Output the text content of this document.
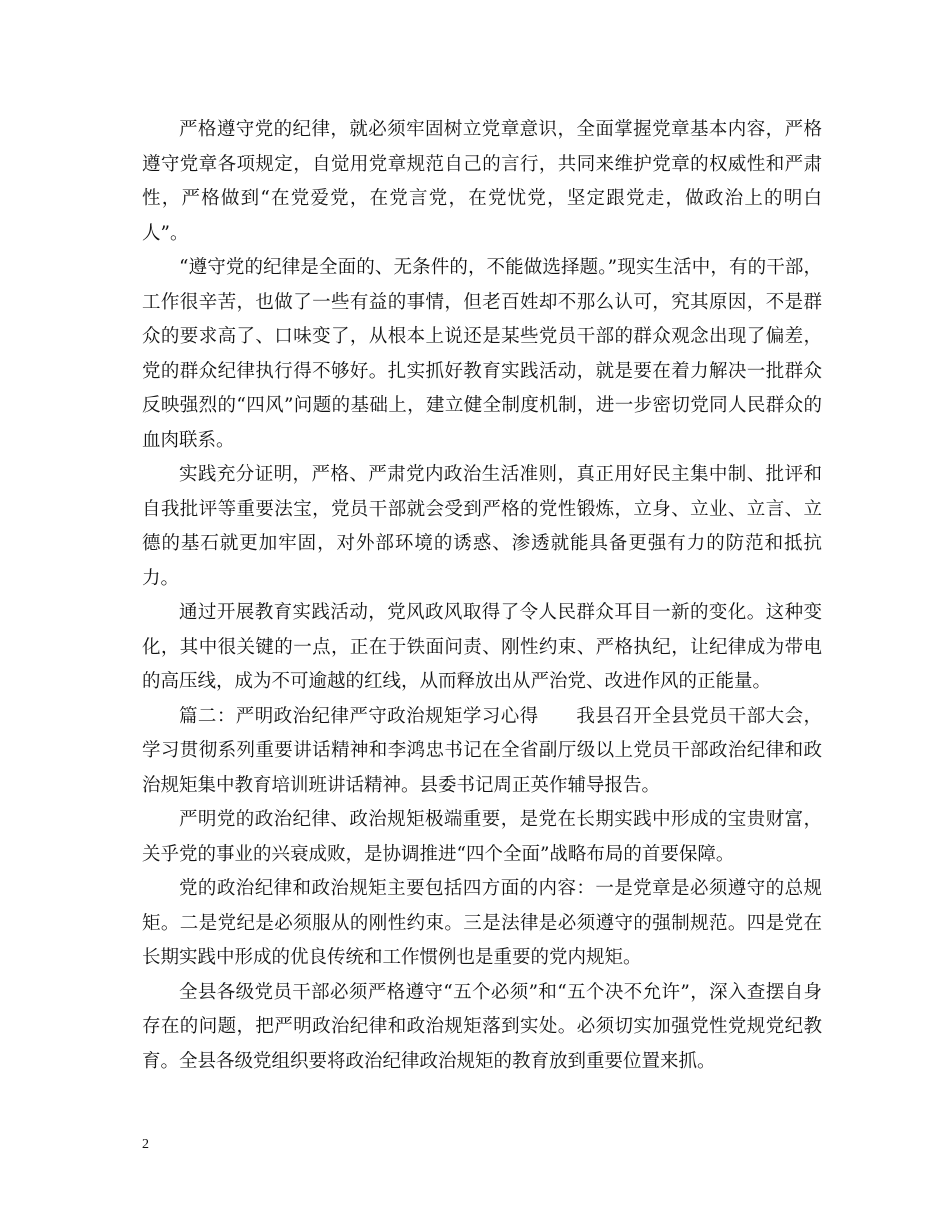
严格遵守党的纪律，就必须牢固树立党章意识，全面掌握党章基本内容，严格遵守党章各项规定，自觉用党章规范自己的言行，共同来维护党章的权威性和严肃性，严格做到“在党爱党，在党言党，在党忧党，坚定跟党走，做政治上的明白人”。

“遵守党的纪律是全面的、无条件的，不能做选择题。”现实生活中，有的干部，工作很辛苦，也做了一些有益的事情，但老百姓却不那么认可，究其原因，不是群众的要求高了、口味变了，从根本上说还是某些党员干部的群众观念出现了偏差，党的群众纪律执行得不够好。扎实抓好教育实践活动，就是要在着力解决一批群众反映强烈的“四风”问题的基础上，建立健全制度机制，进一步密切党同人民群众的血肉联系。

实践充分证明，严格、严肃党内政治生活准则，真正用好民主集中制、批评和自我批评等重要法宝，党员干部就会受到严格的党性锻炼，立身、立业、立言、立德的基石就更加牢固，对外部环境的诱惑、渗透就能具备更强有力的防范和抵抗力。

通过开展教育实践活动，党风政风取得了令人民群众耳目一新的变化。这种变化，其中很关键的一点，正在于铁面问责、刚性约束、严格执纪，让纪律成为带电的高压线，成为不可逾越的红线，从而释放出从严治党、改进作风的正能量。

篇二：严明政治纪律严守政治规矩学习心得　　我县召开全县党员干部大会，学习贯彻系列重要讲话精神和李鸿忠书记在全省副厅级以上党员干部政治纪律和政治规矩集中教育培训班讲话精神。县委书记周正英作辅导报告。

严明党的政治纪律、政治规矩极端重要，是党在长期实践中形成的宝贵财富，关乎党的事业的兴衰成败，是协调推进“四个全面”战略布局的首要保障。

党的政治纪律和政治规矩主要包括四方面的内容：一是党章是必须遵守的总规矩。二是党纪是必须服从的刚性约束。三是法律是必须遵守的强制规范。四是党在长期实践中形成的优良传统和工作惯例也是重要的党内规矩。

全县各级党员干部必须严格遵守“五个必须”和“五个决不允许”，深入查摆自身存在的问题，把严明政治纪律和政治规矩落到实处。必须切实加强党性党规党纪教育。全县各级党组织要将政治纪律政治规矩的教育放到重要位置来抓。

2
